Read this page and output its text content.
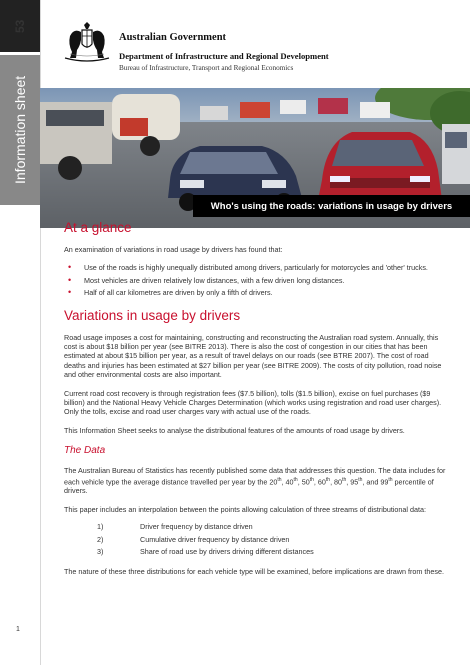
53
Information sheet
1
Australian Government
Department of Infrastructure and Regional Development
Bureau of Infrastructure, Transport and Regional Economics
Who's using the roads: variations in usage by drivers
At a glance

An examination of variations in road usage by drivers has found that:

• Use of the roads is highly unequally distributed among drivers, particularly for motorcycles and 'other' trucks.
• Most vehicles are driven relatively low distances, with a few driven long distances.
• Half of all car kilometres are driven by only a fifth of drivers.
Variations in usage by drivers

Road usage imposes a cost for maintaining, constructing and reconstructing the Australian road system. Annually, this cost is about $18 billion per year (see BITRE 2013). There is also the cost of congestion in our cities that has been estimated at about $15 billion per year, as a result of travel delays on our roads (see BTRE 2007). The cost of road deaths and injuries has been estimated at $27 billion per year (see BITRE 2009). The costs of city pollution, road noise and other environmental costs are also important.

Current road cost recovery is through registration fees ($7.5 billion), tolls ($1.5 billion), excise on fuel purchases ($9 billion) and the National Heavy Vehicle Charges Determination (which works using registration and road user charges). Only the tolls, excise and road user charges vary with actual use of the roads.

This Information Sheet seeks to analyse the distributional features of the amounts of road usage by drivers.

The Data

The Australian Bureau of Statistics has recently published some data that addresses this question. The data includes for each vehicle type the average distance travelled per year by the 20th, 40th, 50th, 60th, 80th, 95th, and 99th percentile of drivers.

This paper includes an interpolation between the points allowing calculation of three streams of distributional data:

1)	Driver frequency by distance driven
2)	Cumulative driver frequency by distance driven
3)	Share of road use by drivers driving different distances

The nature of these three distributions for each vehicle type will be examined, before implications are drawn from these.
